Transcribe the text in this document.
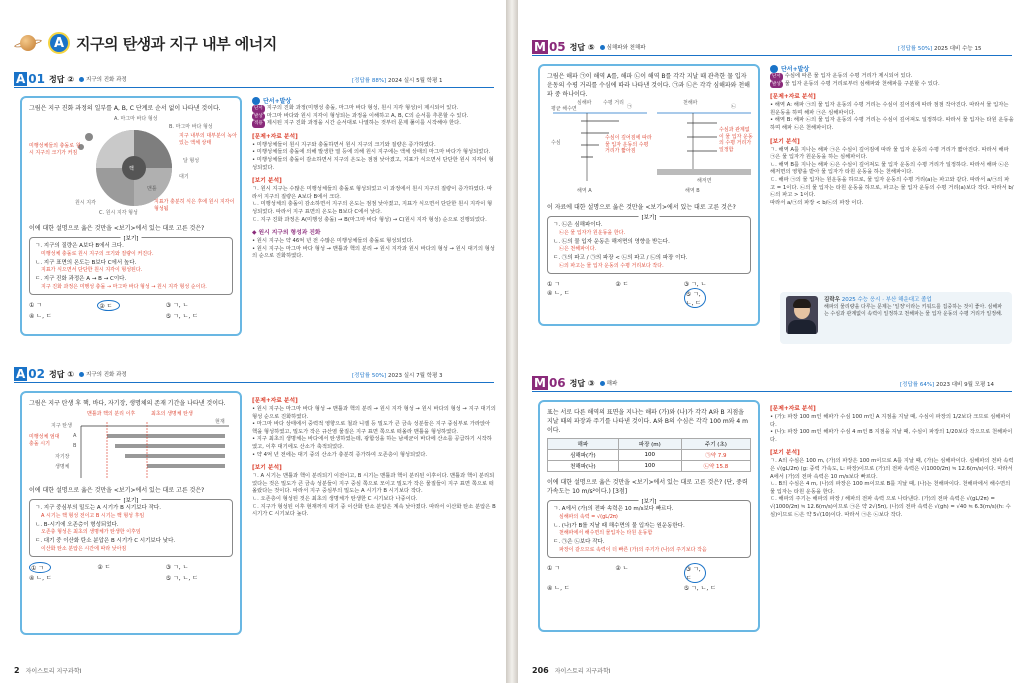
A 지구의 탄생과 지구 내부 에너지
A 01 정답 ② 지구의 진화 과정	[정답률 88%] 2024 실시 5월 학평 1
그림은 지구 진화 과정의 일부를 A, B, C 단계로 순서 없이 나타낸 것이다.
A. 마그마 바다 형성
B. 마그마 바다 형성
C. 원시 지각 형성
핵
맨틀
대기
원시 지각
달 형성
미행성체들의 충돌로 원시 지구의 크기가 커짐
지구 내부의 대부분이 녹아 있는 액체 상태
지표가 충분히 식은 후에 원시 지각이 형성됨
이에 대한 설명으로 옳은 것만을 <보기>에서 있는 대로 고른 것은?
[보기]
ㄱ. 지구의 질량은 A보다 B에서 크다.
미행성체 충돌로 원시 지구의 크기와 질량이 커진다.
ㄴ. 지구 표면의 온도는 B보다 C에서 높다.
지표가 식으면서 단단한 원시 지각이 형성된다.
ㄷ. 지구 진화 과정은 A → B → C이다.
지구 진화 과정은 미행성 충돌 → 마그마 바다 형성 → 원시 지각 형성 순이다.
① ㄱ	② ㄷ	③ ㄱ, ㄴ
④ ㄴ, ㄷ	⑤ ㄱ, ㄴ, ㄷ
단서+발상
단서 지구의 진화 과정(미행성 충돌, 마그마 바다 형성, 원시 지각 형성)이 제시되어 있다.
발상 마그마 바다와 원시 지각이 형성되는 과정을 이해하고 A, B, C의 순서를 추론할 수 있다.
적용 제시된 지구 진화 과정을 시간 순서대로 나열하는 것부터 문제 풀이를 시작해야 한다.
[문제+자료 분석]
• 미행성체들이 원시 지구와 충돌하면서 원시 지구의 크기와 질량은 증가하였다.
• 미행성체들의 충돌에 의해 발생한 열 등에 의해 원시 지구에는 액체 상태의 마그마 바다가 형성되었다.
• 미행성체들의 충돌이 감소하면서 지구의 온도는 점점 낮아졌고, 지표가 식으면서 단단한 원시 지각이 형성되었다.
[보기 분석]
ㄱ. 원시 지구는 수많은 미행성체들의 충돌로 형성되었고 이 과정에서 원시 지구의 질량이 증가하였다. 따라서 지구의 질량은 A보다 B에서 크다.
ㄴ. 미행성체의 충돌이 감소하면서 지구의 온도는 점점 낮아졌고, 지표가 식으면서 단단한 원시 지각이 형성되었다. 따라서 지구 표면의 온도는 B보다 C에서 낮다.
ㄷ. 지구 진화 과정은 A(미행성 충돌) → B(마그마 바다 형성) → C(원시 지각 형성) 순으로 진행되었다.
◆ 원시 지구의 형성과 진화
• 원시 지구는 약 46억 년 전 수많은 미행성체들의 충돌로 형성되었다.
• 원시 지구는 마그마 바다 형성 → 맨틀과 핵의 분리 → 원시 지각과 원시 바다의 형성 → 원시 대기의 형성의 순으로 진화하였다.
A 02 정답 ① 지구의 진화 과정	[정답률 50%] 2023 실시 7월 학평 3
그림은 지구 탄생 후 핵, 바다, 자기장, 생명체의 존재 기간을 나타낸 것이다.
지구 탄생
A
B
자기장
생명체
현재
맨틀과 핵의 분리 이후	최초의 생명체 탄생
미행성체 엄대 충돌 시기
이에 대한 설명으로 옳은 것만을 <보기>에서 있는 대로 고른 것은?
[보기]
ㄱ. 지구 중심부의 밀도는 A 시기가 B 시기보다 작다.
A 시기는 핵 형성 전이고 B 시기는 핵 형성 후임
ㄴ. B-시기에 오존층이 형성되었다.
오존층 형성은 최초의 생명체가 탄생한 이후임
ㄷ. 대기 중 이산화 탄소 분압은 B 시기가 C 시기보다 낮다.
이산화 탄소 분압은 시간에 따라 낮아짐
① ㄱ	② ㄷ	③ ㄱ, ㄴ
④ ㄴ, ㄷ	⑤ ㄱ, ㄴ, ㄷ
[문제+자료 분석]
• 원시 지구는 마그마 바다 형성 → 맨틀과 핵의 분리 → 원시 지각 형성 → 원시 바다의 형성 → 지구 대기의 형성 순으로 진화하였다.
• 마그마 바다 상태에서 중력적 영향으로 철과 니켈 등 밀도가 큰 금속 성분들은 지구 중심부로 가라앉아 핵을 형성하였고, 밀도가 작은 규산염 물질은 지구 표면 쪽으로 떠올라 맨틀을 형성하였다.
• 지구 최초의 생명체는 바다에서 탄생하였는데, 광합성을 하는 남세균이 바다에 산소를 공급하기 시작하였고, 이후 대기에도 산소가 축적되었다.
• 약 4억 년 전에는 대기 중의 산소가 충분히 증가하여 오존층이 형성되었다.
[보기 분석]
ㄱ. A 시기는 맨틀과 핵이 분리되기 이전이고, B 시기는 맨틀과 핵이 분리된 이후이다. 맨틀과 핵이 분리되었다는 것은 밀도가 큰 금속 성분들이 지구 중심 쪽으로 모이고 밀도가 작은 물질들이 지구 표면 쪽으로 떠올랐다는 것이다. 따라서 지구 중심부의 밀도는 A 시기가 B 시기보다 작다.
ㄴ. 오존층이 형성된 것은 최초의 생명체가 탄생한 C 시기보다 나중이다.
ㄷ. 지구가 형성된 이후 현재까지 대기 중 이산화 탄소 분압은 계속 낮아졌다. 따라서 이산화 탄소 분압은 B 시기가 C 시기보다 높다.
2 자이스토리 지구과학Ⅰ
M 05 정답 ⑤ 심해파와 천해파	[정답률 50%] 2025 대비 수능 15
그림은 해파 ㉠이 해역 A를, 해파 ㉡이 해역 B를 각각 지날 때 관측한 물 입자 운동의 수평 거리를 수심에 따라 나타낸 것이다. ㉠과 ㉡은 각각 심해파와 천해파 중 하나이다.
심해파	천해파
수평 거리
평균 해수면
수심
해저면
해역 A	해역 B
㉠	㉡
수심이 깊어짐에 따라 물 입자 운동의 수평 거리가 짧아짐
수심과 관계없이 물 입자 운동의 수평 거리가 일정함
이 자료에 대한 설명으로 옳은 것만을 <보기>에서 있는 대로 고른 것은?
[보기]
ㄱ. ㉡은 심해파이다.
㉡은 물 입자가 원운동을 한다.
ㄴ. ㉡의 물 입자 운동은 해저면의 영향을 받는다.
㉡은 천해파이다.
ㄷ. ㉠의 파고 / ㉠의 파장 < ㉡의 파고 / ㉡의 파장 이다.
㉡의 파고는 물 입자 운동의 수평 거리보다 작다.
① ㄱ	② ㄷ	③ ㄱ, ㄴ
④ ㄴ, ㄷ	⑤ ㄱ, ㄴ, ㄷ
단서+발상
단서 수심에 따른 물 입자 운동의 수평 거리가 제시되어 있다.
발상 물 입자 운동의 수평 거리로부터 심해파와 천해파를 구분할 수 있다.
[문제+자료 분석]
• 해역 A: 해파 ㉠의 물 입자 운동의 수평 거리는 수심이 깊어짐에 따라 점점 작아진다. 따라서 물 입자는 원운동을 하며 해파 ㉠은 심해파이다.
• 해역 B: 해파 ㉡의 물 입자 운동의 수평 거리는 수심이 깊어져도 일정하다. 따라서 물 입자는 타원 운동을 하며 해파 ㉡은 천해파이다.
[보기 분석]
ㄱ. 해역 A를 지나는 해파 ㉠은 수심이 깊어짐에 따라 물 입자 운동의 수평 거리가 짧아진다. 따라서 해파 ㉠은 물 입자가 원운동을 하는 심해파이다.
ㄴ. 해역 B를 지나는 해파 ㉡은 수심이 깊어져도 물 입자 운동의 수평 거리가 일정하다. 따라서 해파 ㉡은 해저면의 영향을 받아 물 입자가 타원 운동을 하는 천해파이다.
ㄷ. 해파 ㉠의 물 입자는 원운동을 하므로, 물 입자 운동의 수평 거리(a)는 파고와 같다. 따라서 a/㉠의 파고 = 1이다. ㉡의 물 입자는 타원 운동을 하므로, 파고는 물 입자 운동의 수평 거리(a)보다 작다. 따라서 b/㉡의 파고 > 1이다.
따라서 a/㉠의 파장 < b/㉡의 파장 이다.
김락우 2025 수능 응시 · 부산 해운대고 졸업
해파의 물리량을 다루는 문제는 '일정'이라는 키워드를 집중하는 것이 좋아. 심해파는 수심과 관계없이 속력이 일정하고 천해파는 물 입자 운동의 수평 거리가 일정해.
M 06 정답 ③ 해파	[정답률 64%] 2023 대비 9월 모평 14
표는 서로 다른 해역의 표면을 지나는 해파 (가)와 (나)가 각각 A와 B 지점을 지날 때의 파장과 주기를 나타낸 것이다. A와 B의 수심은 각각 100 m와 4 m이다.
해파	파장 (m)	주기 (초)
심해파(가)	100	㉠약 7.9
천해파(나)	100	㉡약 15.8
이에 대한 설명으로 옳은 것만을 <보기>에서 있는 대로 고른 것은? (단, 중력 가속도는 10 m/s²이다.) [3점]
[보기]
ㄱ. A에서 (가)의 전파 속력은 10 m/s보다 빠르다.
심해파의 속력 = √(gL/2π)
ㄴ. (나)가 B를 지날 때 해수면의 물 입자는 원운동한다.
천해파에서 해수면의 물입자는 타원 운동함
ㄷ. ㉠은 ㉡보다 작다.
파장이 같으므로 속력이 더 빠른 (가)의 주기가 (나)의 주기보다 작음
① ㄱ	② ㄴ	③ ㄱ, ㄷ
④ ㄴ, ㄷ	⑤ ㄱ, ㄴ, ㄷ
[문제+자료 분석]
• (가): 파장 100 m인 해파가 수심 100 m인 A 지점을 지날 때, 수심이 파장의 1/2보다 크므로 심해파이다.
• (나): 파장 100 m인 해파가 수심 4 m인 B 지점을 지날 때, 수심이 파장의 1/20보다 작으므로 천해파이다.
[보기 분석]
ㄱ. A의 수심은 100 m, (가)의 파장은 100 m이므로 A를 지날 때, (가)는 심해파이다. 심해파의 전파 속력은 √(gL/2π) (g: 중력 가속도, L: 파장)이므로 (가)의 전파 속력은 √(1000/2π) ≒ 12.6(m/s)이다. 따라서 A에서 (가)의 전파 속력은 10 m/s보다 빠르다.
ㄴ. B의 수심은 4 m, (나)의 파장은 100 m이므로 B를 지날 때, (나)는 천해파이다. 천해파에서 해수면의 물 입자는 타원 운동을 한다.
ㄷ. 해파의 주기는 해파의 파장 / 해파의 전파 속력 으로 나타낸다. (가)의 전파 속력은 √(gL/2π) = √(1000/2π) ≒ 12.6(m/s)이므로 ㉠은 약 2√(5π), (나)의 전파 속력은 √(gh) = √40 ≒ 6.3(m/s)(h: 수심)이므로 ㉡은 약 5√(10)이다. 따라서 ㉠은 ㉡보다 작다.
206 자이스토리 지구과학Ⅰ
